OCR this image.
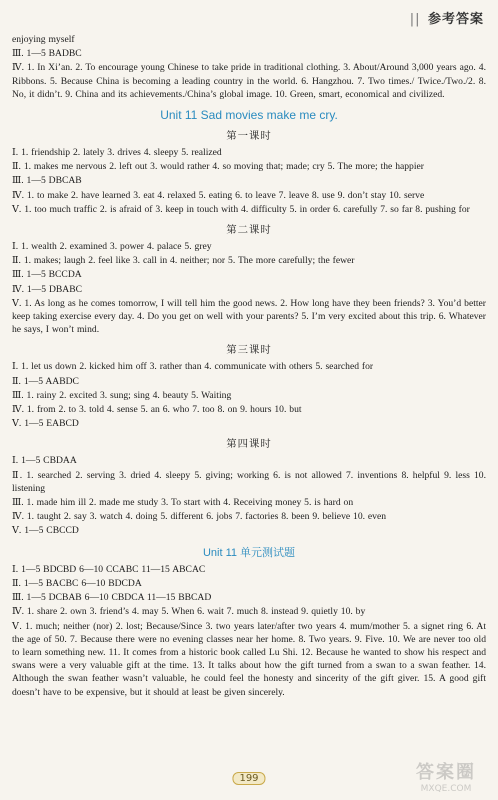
|| 参考答案

enjoying myself

Ⅲ. 1—5 BADBC

Ⅳ. 1. In Xi’an. 2. To encourage young Chinese to take pride in traditional clothing. 3. About/Around 3,000 years ago. 4. Ribbons. 5. Because China is becoming a leading country in the world. 6. Hangzhou. 7. Two times./ Twice./Two./2. 8. No, it didn’t. 9. China and its achievements./China’s global image. 10. Green, smart, economical and civilized.

Unit 11 Sad movies make me cry.
第一课时

Ⅰ. 1. friendship 2. lately 3. drives 4. sleepy 5. realized

Ⅱ. 1. makes me nervous 2. left out 3. would rather 4. so moving that; made; cry 5. The more; the happier

Ⅲ. 1—5 DBCAB

Ⅳ. 1. to make 2. have learned 3. eat 4. relaxed 5. eating 6. to leave 7. leave 8. use 9. don’t stay 10. serve

Ⅴ. 1. too much traffic 2. is afraid of 3. keep in touch with 4. difficulty 5. in order 6. carefully 7. so far 8. pushing for

第二课时

Ⅰ. 1. wealth 2. examined 3. power 4. palace 5. grey

Ⅱ. 1. makes; laugh 2. feel like 3. call in 4. neither; nor 5. The more carefully; the fewer

Ⅲ. 1—5 BCCDA

Ⅳ. 1—5 DBABC

Ⅴ. 1. As long as he comes tomorrow, I will tell him the good news. 2. How long have they been friends? 3. You’d better keep taking exercise every day. 4. Do you get on well with your parents? 5. I’m very excited about this trip. 6. Whatever he says, I won’t mind.

第三课时

Ⅰ. 1. let us down 2. kicked him off 3. rather than 4. communicate with others 5. searched for

Ⅱ. 1—5 AABDC

Ⅲ. 1. rainy 2. excited 3. sung; sing 4. beauty 5. Waiting

Ⅳ. 1. from 2. to 3. told 4. sense 5. an 6. who 7. too 8. on 9. hours 10. but

Ⅴ. 1—5 EABCD

第四课时

Ⅰ. 1—5 CBDAA

Ⅱ. 1. searched 2. serving 3. dried 4. sleepy 5. giving; working 6. is not allowed 7. inventions 8. helpful 9. less 10. listening

Ⅲ. 1. made him ill 2. made me study 3. To start with 4. Receiving money 5. is hard on

Ⅳ. 1. taught 2. say 3. watch 4. doing 5. different 6. jobs 7. factories 8. been 9. believe 10. even

Ⅴ. 1—5 CBCCD

Unit 11 单元测试题

Ⅰ. 1—5 BDCBD 6—10 CCABC 11—15 ABCAC

Ⅱ. 1—5 BACBC 6—10 BDCDA

Ⅲ. 1—5 DCBAB 6—10 CBDCA 11—15 BBCAD

Ⅳ. 1. share 2. own 3. friend’s 4. may 5. When 6. wait 7. much 8. instead 9. quietly 10. by

Ⅴ. 1. much; neither (nor) 2. lost; Because/Since 3. two years later/after two years 4. mum/mother 5. a signet ring 6. At the age of 50. 7. Because there were no evening classes near her home. 8. Two years. 9. Five. 10. We are never too old to learn something new. 11. It comes from a historic book called Lu Shi. 12. Because he wanted to show his respect and swans were a very valuable gift at the time. 13. It talks about how the gift turned from a swan to a swan feather. 14. Although the swan feather wasn’t valuable, he could feel the honesty and sincerity of the gift giver. 15. A good gift doesn’t have to be expensive, but it should at least be given sincerely.

199	答案圈
MXQE.COM
